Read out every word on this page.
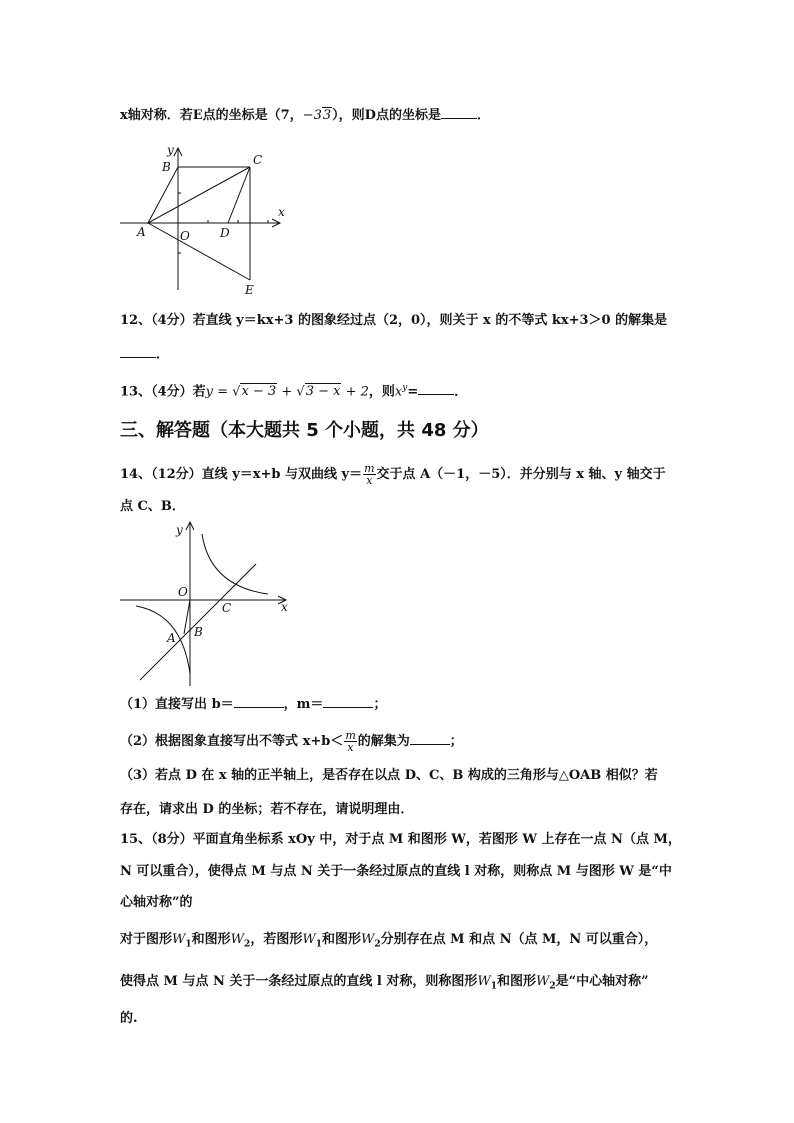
x轴对称．若E点的坐标是（7，−33），则D点的坐标是	．
B	C
A	O	D
E
x
y
12、（4分）若直线 y＝kx+3 的图象经过点（2，0），则关于 x 的不等式 kx+3＞0 的解集是
．
13、（4分）若y = √x − 3 + √3 − x + 2，则$x^y=$	．
三、解答题（本大题共 5 个小题，共 48 分）
14、（12分）直线 y＝x+b 与双曲线 $y= \frac{m}{x}$ 交于点 A（－1，－5）．并分别与 x 轴、y 轴交于
点 C、B．
y
O
C	x
A B
（1）直接写出 b＝	，m＝	；
（2）根据图象直接写出不等式 $x+b< \frac{m}{x}$ 的解集为	；
（3）若点 D 在 x 轴的正半轴上，是否存在以点 D、C、B 构成的三角形与△OAB 相似？若
存在，请求出 D 的坐标；若不存在，请说明理由．
15、（8分）平面直角坐标系 xOy 中，对于点 M 和图形 W，若图形 W 上存在一点 N（点 M，
N 可以重合），使得点 M 与点 N 关于一条经过原点的直线 l 对称，则称点 M 与图形 W 是“中
心轴对称”的
对于图形$W_1$和图形$W_2$，若图形$W_1$和图形$W_2$分别存在点 M 和点 N（点 M，N 可以重合），
使得点 M 与点 N 关于一条经过原点的直线 l 对称，则称图形$W_1$和图形$W_2$是“中心轴对称”
的.
